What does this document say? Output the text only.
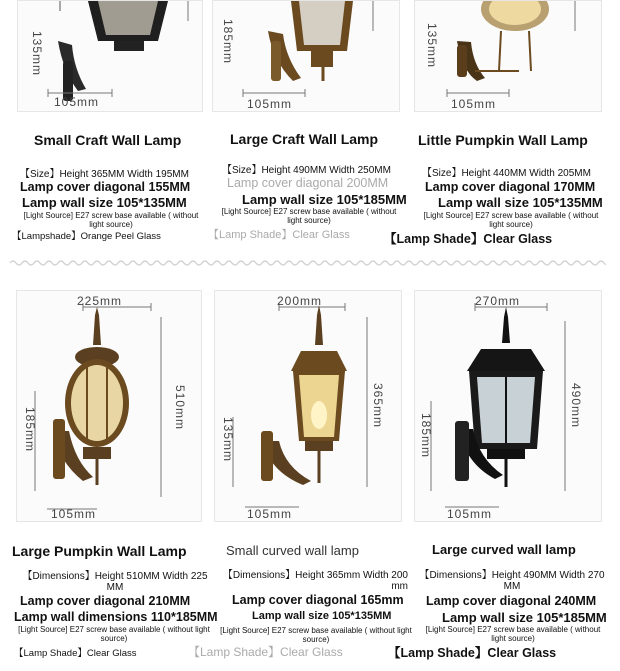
135mm
105mm
Small Craft Wall Lamp
【Size】Height 365MM Width 195MM
Lamp cover diagonal 155MM
Lamp wall size 105*135MM
[Light Source] E27 screw base available ( without light source)
【Lampshade】Orange Peel Glass
185mm
105mm
Large Craft Wall Lamp
【Size】Height 490MM Width 250MM
Lamp cover diagonal 200MM
Lamp wall size 105*185MM
[Light Source] E27 screw base available ( without light source)
【Lamp Shade】Clear Glass
135mm
105mm
Little Pumpkin Wall Lamp
【Size】Height 440MM Width 205MM
Lamp cover diagonal 170MM
Lamp wall size 105*135MM
[Light Source] E27 screw base available ( without light source)
【Lamp Shade】Clear Glass
225mm
510mm
185mm
105mm
Large Pumpkin Wall Lamp
【Dimensions】Height 510MM Width 225 MM
Lamp cover diagonal 210MM
Lamp wall dimensions 110*185MM
[Light Source] E27 screw base available ( without light source)
【Lamp Shade】Clear Glass
200mm
365mm
135mm
105mm
Small curved wall lamp
【Dimensions】Height 365mm Width 200 mm
Lamp cover diagonal 165mm
Lamp wall size 105*135MM
[Light Source] E27 screw base available ( without light source)
【Lamp Shade】Clear Glass
270mm
490mm
185mm
105mm
Large curved wall lamp
【Dimensions】Height 490MM Width 270 MM
Lamp cover diagonal 240MM
Lamp wall size 105*185MM
[Light Source] E27 screw base available ( without light source)
【Lamp Shade】Clear Glass
